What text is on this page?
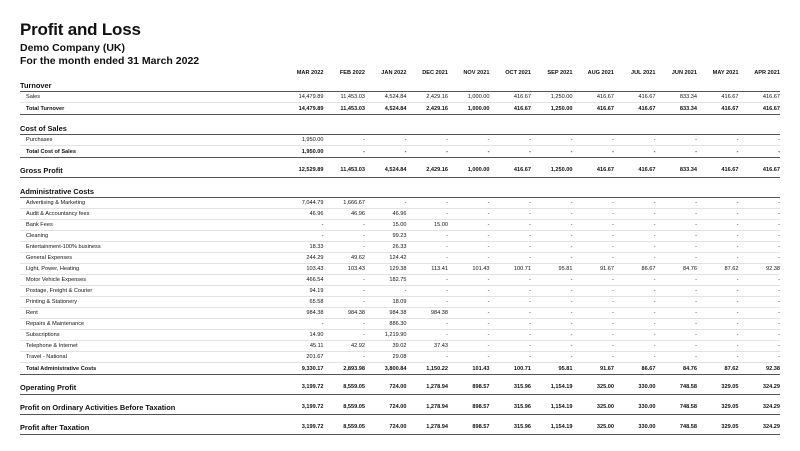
Profit and Loss

Demo Company (UK)

For the month ended 31 March 2022

	MAR 2022	FEB 2022	JAN 2022	DEC 2021	NOV 2021	OCT 2021	SEP 2021	AUG 2021	JUL 2021	JUN 2021	MAY 2021	APR 2021
Turnover												
Sales	14,479.89	11,453.03	4,524.84	2,429.16	1,000.00	416.67	1,250.00	416.67	416.67	833.34	416.67	416.67
Total Turnover	14,479.89	11,453.03	4,524.84	2,429.16	1,000.00	416.67	1,250.00	416.67	416.67	833.34	416.67	416.67

Cost of Sales												
Purchases	1,950.00	-	-	-	-	-	-	-	-	-	-	-
Total Cost of Sales	1,950.00	-	-	-	-	-	-	-	-	-	-	-

Gross Profit	12,529.89	11,453.03	4,524.84	2,429.16	1,000.00	416.67	1,250.00	416.67	416.67	833.34	416.67	416.67

Administrative Costs												
Advertising & Marketing	7,044.79	1,666.67	-	-	-	-	-	-	-	-	-	-
Audit & Accountancy fees	46.96	46.96	46.96	-	-	-	-	-	-	-	-	-
Bank Fees	-	-	15.00	15.00	-	-	-	-	-	-	-	-
Cleaning	-	-	99.23	-	-	-	-	-	-	-	-	-
Entertainment-100% business	18.33	-	26.33	-	-	-	-	-	-	-	-	-
General Expenses	244.29	49.62	124.42	-	-	-	-	-	-	-	-	-
Light, Power, Heating	103.43	103.43	129.38	113.41	101.43	100.71	95.81	91.67	86.67	84.76	87.62	92.38
Motor Vehicle Expenses	466.54	-	182.75	-	-	-	-	-	-	-	-	-
Postage, Freight & Courier	94.19	-	-	-	-	-	-	-	-	-	-	-
Printing & Stationery	65.58	-	18.09	-	-	-	-	-	-	-	-	-
Rent	984.38	984.38	984.38	984.38	-	-	-	-	-	-	-	-
Repairs & Maintenance	-	-	886.30	-	-	-	-	-	-	-	-	-
Subscriptions	14.90	-	1,219.90	-	-	-	-	-	-	-	-	-
Telephone & Internet	45.11	42.92	39.02	37.43	-	-	-	-	-	-	-	-
Travel - National	201.67	-	29.08	-	-	-	-	-	-	-	-	-
Total Administrative Costs	9,330.17	2,893.98	3,800.84	1,150.22	101.43	100.71	95.81	91.67	86.67	84.76	87.62	92.38

Operating Profit	3,199.72	8,559.05	724.00	1,278.94	898.57	315.96	1,154.19	325.00	330.00	748.58	329.05	324.29

Profit on Ordinary Activities Before Taxation	3,199.72	8,559.05	724.00	1,278.94	898.57	315.96	1,154.19	325.00	330.00	748.58	329.05	324.29

Profit after Taxation	3,199.72	8,559.05	724.00	1,278.94	898.57	315.96	1,154.19	325.00	330.00	748.58	329.05	324.29
